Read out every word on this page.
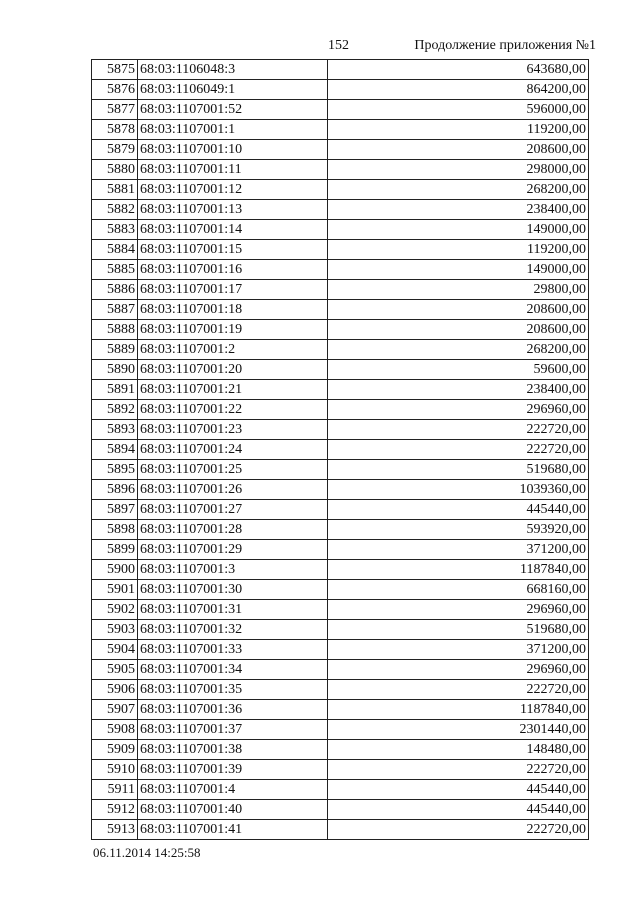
152	Продолжение приложения №1
5875	68:03:1106048:3	643680,00
5876	68:03:1106049:1	864200,00
5877	68:03:1107001:52	596000,00
5878	68:03:1107001:1	119200,00
5879	68:03:1107001:10	208600,00
5880	68:03:1107001:11	298000,00
5881	68:03:1107001:12	268200,00
5882	68:03:1107001:13	238400,00
5883	68:03:1107001:14	149000,00
5884	68:03:1107001:15	119200,00
5885	68:03:1107001:16	149000,00
5886	68:03:1107001:17	29800,00
5887	68:03:1107001:18	208600,00
5888	68:03:1107001:19	208600,00
5889	68:03:1107001:2	268200,00
5890	68:03:1107001:20	59600,00
5891	68:03:1107001:21	238400,00
5892	68:03:1107001:22	296960,00
5893	68:03:1107001:23	222720,00
5894	68:03:1107001:24	222720,00
5895	68:03:1107001:25	519680,00
5896	68:03:1107001:26	1039360,00
5897	68:03:1107001:27	445440,00
5898	68:03:1107001:28	593920,00
5899	68:03:1107001:29	371200,00
5900	68:03:1107001:3	1187840,00
5901	68:03:1107001:30	668160,00
5902	68:03:1107001:31	296960,00
5903	68:03:1107001:32	519680,00
5904	68:03:1107001:33	371200,00
5905	68:03:1107001:34	296960,00
5906	68:03:1107001:35	222720,00
5907	68:03:1107001:36	1187840,00
5908	68:03:1107001:37	2301440,00
5909	68:03:1107001:38	148480,00
5910	68:03:1107001:39	222720,00
5911	68:03:1107001:4	445440,00
5912	68:03:1107001:40	445440,00
5913	68:03:1107001:41	222720,00
06.11.2014 14:25:58
